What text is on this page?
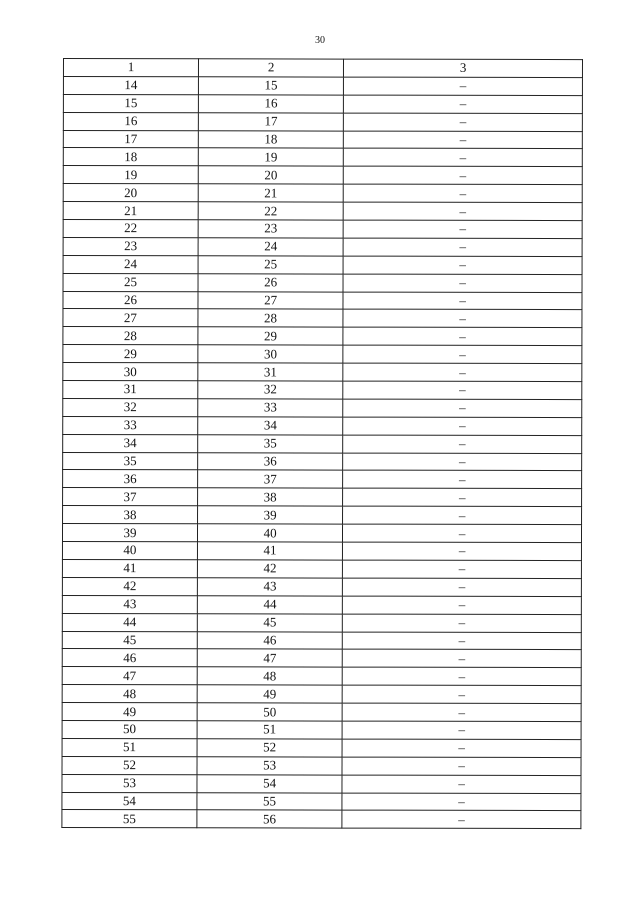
30
1	2	3
14	15	–
15	16	–
16	17	–
17	18	–
18	19	–
19	20	–
20	21	–
21	22	–
22	23	–
23	24	–
24	25	–
25	26	–
26	27	–
27	28	–
28	29	–
29	30	–
30	31	–
31	32	–
32	33	–
33	34	–
34	35	–
35	36	–
36	37	–
37	38	–
38	39	–
39	40	–
40	41	–
41	42	–
42	43	–
43	44	–
44	45	–
45	46	–
46	47	–
47	48	–
48	49	–
49	50	–
50	51	–
51	52	–
52	53	–
53	54	–
54	55	–
55	56	–
